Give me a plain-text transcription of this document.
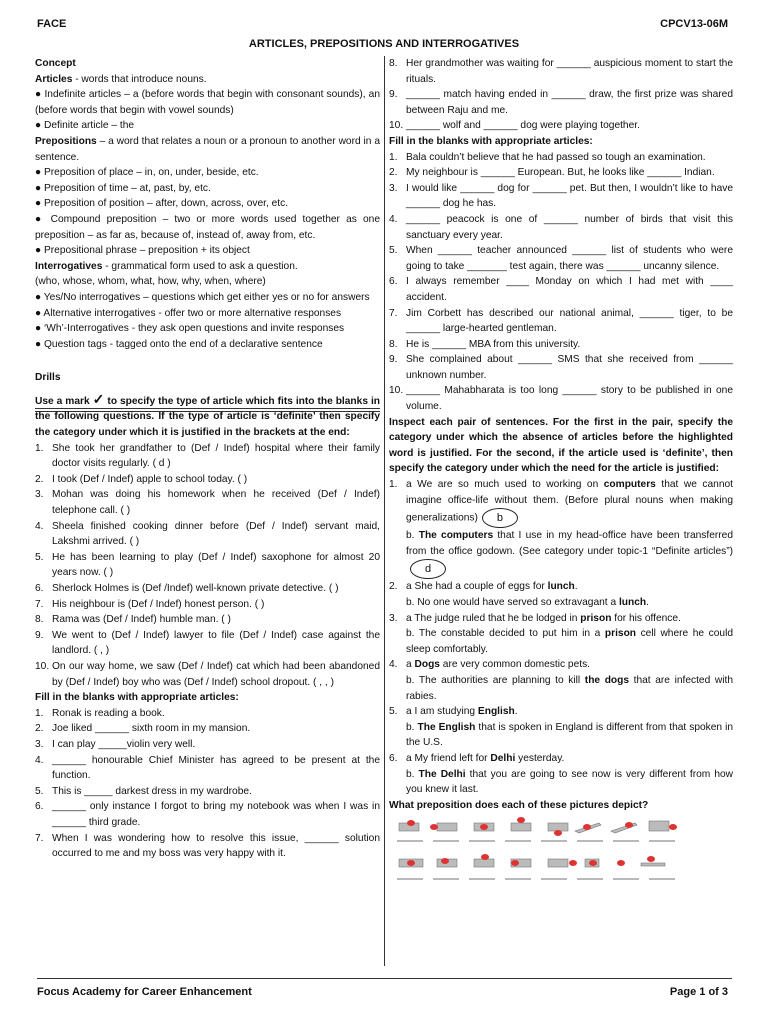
FACE	CPCV13-06M
ARTICLES, PREPOSITIONS AND INTERROGATIVES
Concept
Articles - words that introduce nouns.
● Indefinite articles – a (before words that begin with consonant sounds), an (before words that begin with vowel sounds)
● Definite article – the
Prepositions – a word that relates a noun or a pronoun to another word in a sentence.
● Preposition of place – in, on, under, beside, etc.
● Preposition of time – at, past, by, etc.
● Preposition of position – after, down, across, over, etc.
● Compound preposition – two or more words used together as one preposition – as far as, because of, instead of, away from, etc.
● Prepositional phrase – preposition + its object
Interrogatives - grammatical form used to ask a question.
(who, whose, whom, what, how, why, when, where)
● Yes/No interrogatives – questions which get either yes or no for answers
● Alternative interrogatives - offer two or more alternative responses
● ‘Wh’-Interrogatives - they ask open questions and invite responses
● Question tags - tagged onto the end of a declarative sentence
Drills
Use a mark ✓ to specify the type of article which fits into the blanks in the following questions. If the type of article is ‘definite’ then specify the category under which it is justified in the brackets at the end:
1. She took her grandfather to (Def / Indef) hospital where their family doctor visits regularly. ( d )
2. I took (Def / Indef) apple to school today. ( )
3. Mohan was doing his homework when he received (Def / Indef) telephone call. ( )
4. Sheela finished cooking dinner before (Def / Indef) servant maid, Lakshmi arrived. ( )
5. He has been learning to play (Def / Indef) saxophone for almost 20 years now. ( )
6. Sherlock Holmes is (Def /Indef) well-known private detective. ( )
7. His neighbour is (Def / Indef) honest person. ( )
8. Rama was (Def / Indef) humble man. ( )
9. We went to (Def / Indef) lawyer to file (Def / Indef) case against the landlord. ( , )
10. On our way home, we saw (Def / Indef) cat which had been abandoned by (Def / Indef) boy who was (Def / Indef) school dropout. ( , , )
Fill in the blanks with appropriate articles:
1. Ronak is reading a book.
2. Joe liked ______ sixth room in my mansion.
3. I can play _____violin very well.
4. ______ honourable Chief Minister has agreed to be present at the function.
5. This is _____ darkest dress in my wardrobe.
6. ______ only instance I forgot to bring my notebook was when I was in ______ third grade.
7. When I was wondering how to resolve this issue, ______ solution occurred to me and my boss was very happy with it.
8. Her grandmother was waiting for ______ auspicious moment to start the rituals.
9. ______ match having ended in ______ draw, the first prize was shared between Raju and me.
10. ______ wolf and ______ dog were playing together.
Fill in the blanks with appropriate articles:
1. Bala couldn’t believe that he had passed so tough an examination.
2. My neighbour is ______ European. But, he looks like ______ Indian.
3. I would like ______ dog for ______ pet. But then, I wouldn’t like to have ______ dog he has.
4. ______ peacock is one of ______ number of birds that visit this sanctuary every year.
5. When ______ teacher announced ______ list of students who were going to take _______ test again, there was ______ uncanny silence.
6. I always remember ____ Monday on which I had met with ____ accident.
7. Jim Corbett has described our national animal, ______ tiger, to be ______ large-hearted gentleman.
8. He is ______ MBA from this university.
9. She complained about ______ SMS that she received from ______ unknown number.
10. ______ Mahabharata is too long ______ story to be published in one volume.
Inspect each pair of sentences. For the first in the pair, specify the category under which the absence of articles before the highlighted word is justified. For the second, if the article used is ‘definite’, then specify the category under which the need for the article is justified:
1. a We are so much used to working on computers that we cannot imagine office-life without them. (Before plural nouns when making generalizations) b
b. The computers that I use in my head-office have been transferred from the office godown. (See category under topic-1 “Definite articles”)d
2. a She had a couple of eggs for lunch.
b. No one would have served so extravagant a lunch.
3. a The judge ruled that he be lodged in prison for his offence.
b. The constable decided to put him in a prison cell where he could sleep comfortably.
4. a Dogs are very common domestic pets.
b. The authorities are planning to kill the dogs that are infected with rabies.
5. a I am studying English.
b. The English that is spoken in England is different from that spoken in the U.S.
6. a My friend left for Delhi yesterday.
b. The Delhi that you are going to see now is very different from how you knew it last.
What preposition does each of these pictures depict?
Focus Academy for Career Enhancement	Page 1 of 3
